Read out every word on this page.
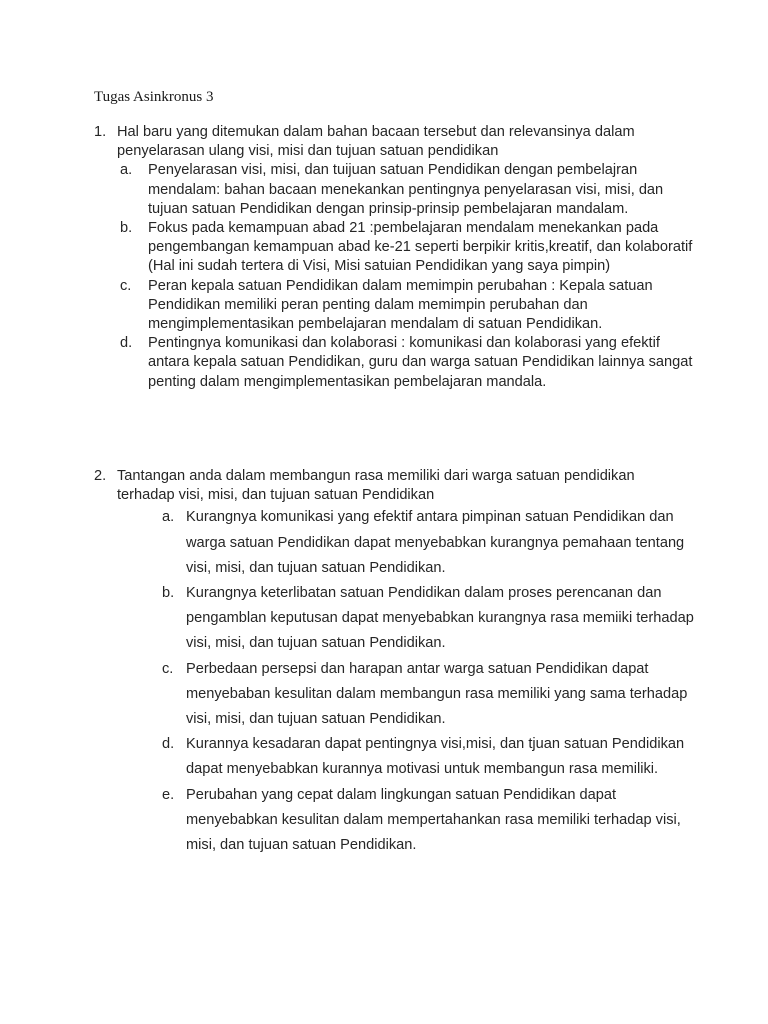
Tugas Asinkronus 3
1. Hal baru yang ditemukan dalam bahan bacaan tersebut dan relevansinya dalam penyelarasan ulang visi, misi dan tujuan satuan pendidikan
a. Penyelarasan visi, misi, dan tuijuan satuan Pendidikan dengan pembelajran mendalam: bahan bacaan menekankan pentingnya penyelarasan visi, misi, dan tujuan satuan Pendidikan dengan prinsip-prinsip pembelajaran mandalam.
b. Fokus pada kemampuan abad 21 :pembelajaran mendalam menekankan pada pengembangan kemampuan abad ke-21 seperti berpikir kritis,kreatif, dan kolaboratif (Hal ini sudah tertera di Visi, Misi satuian Pendidikan yang saya pimpin)
c. Peran kepala satuan Pendidikan dalam memimpin perubahan : Kepala satuan Pendidikan memiliki peran penting dalam memimpin perubahan dan mengimplementasikan pembelajaran mendalam di satuan Pendidikan.
d. Pentingnya komunikasi dan kolaborasi : komunikasi dan kolaborasi yang efektif antara kepala satuan Pendidikan, guru dan warga satuan Pendidikan lainnya sangat penting dalam mengimplementasikan pembelajaran mandala.
2. Tantangan anda dalam membangun rasa memiliki dari warga satuan pendidikan terhadap visi, misi, dan tujuan satuan Pendidikan
a. Kurangnya komunikasi yang efektif antara pimpinan satuan Pendidikan dan warga satuan Pendidikan dapat menyebabkan kurangnya pemahaan tentang visi, misi, dan tujuan satuan Pendidikan.
b. Kurangnya keterlibatan satuan Pendidikan dalam proses perencanan dan pengamblan keputusan dapat menyebabkan kurangnya rasa memiiki terhadap visi, misi, dan tujuan satuan Pendidikan.
c. Perbedaan persepsi dan harapan antar warga satuan Pendidikan dapat menyebaban kesulitan dalam membangun rasa memiliki yang sama terhadap visi, misi, dan tujuan satuan Pendidikan.
d. Kurannya kesadaran dapat pentingnya visi,misi, dan tjuan satuan Pendidikan dapat menyebabkan kurannya motivasi untuk membangun rasa memiliki.
e. Perubahan yang cepat dalam lingkungan satuan Pendidikan dapat menyebabkan kesulitan dalam mempertahankan rasa memiliki terhadap visi, misi, dan tujuan satuan Pendidikan.
